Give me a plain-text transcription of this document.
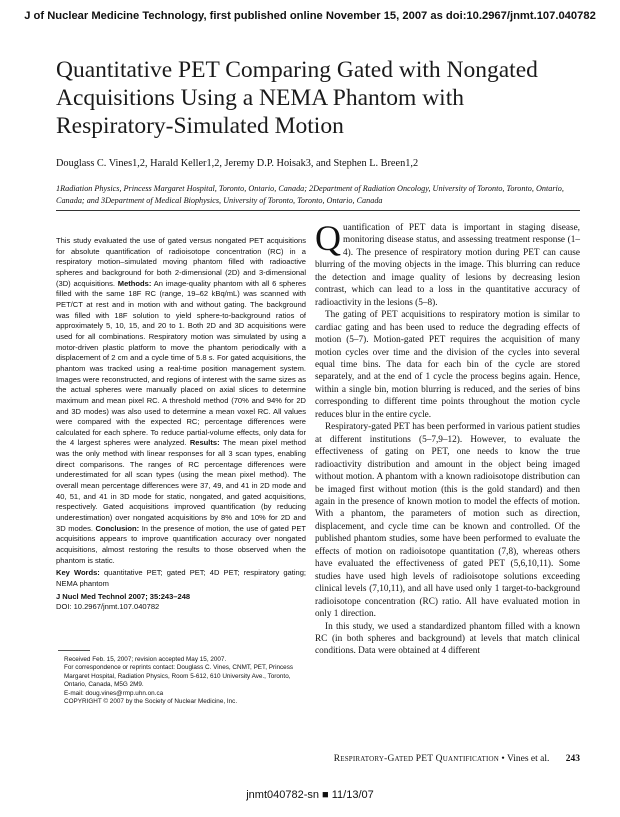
J of Nuclear Medicine Technology, first published online November 15, 2007 as doi:10.2967/jnmt.107.040782
Quantitative PET Comparing Gated with Nongated Acquisitions Using a NEMA Phantom with Respiratory-Simulated Motion
Douglass C. Vines1,2, Harald Keller1,2, Jeremy D.P. Hoisak3, and Stephen L. Breen1,2
1Radiation Physics, Princess Margaret Hospital, Toronto, Ontario, Canada; 2Department of Radiation Oncology, University of Toronto, Toronto, Ontario, Canada; and 3Department of Medical Biophysics, University of Toronto, Toronto, Ontario, Canada

This study evaluated the use of gated versus nongated PET acquisitions for absolute quantification of radioisotope concentration (RC) in a respiratory motion–simulated moving phantom filled with radioactive spheres and background for both 2-dimensional (2D) and 3-dimensional (3D) acquisitions. Methods: An image-quality phantom with all 6 spheres filled with the same 18F RC (range, 19–62 kBq/mL) was scanned with PET/CT at rest and in motion with and without gating. The background was filled with 18F solution to yield sphere-to-background ratios of approximately 5, 10, 15, and 20 to 1. Both 2D and 3D acquisitions were used for all combinations. Respiratory motion was simulated by using a motor-driven plastic platform to move the phantom periodically with a displacement of 2 cm and a cycle time of 5.8 s. For gated acquisitions, the phantom was tracked using a real-time position management system. Images were reconstructed, and regions of interest with the same sizes as the actual spheres were manually placed on axial slices to determine maximum and mean pixel RC. A threshold method (70% and 94% for 2D and 3D modes) was also used to determine a mean voxel RC. All values were compared with the expected RC; percentage differences were calculated for each sphere. To reduce partial-volume effects, only data for the 4 largest spheres were analyzed. Results: The mean pixel method was the only method with linear responses for all 3 scan types, enabling direct comparisons. The ranges of RC percentage differences were underestimated for all scan types (using the mean pixel method). The overall mean percentage differences were 37, 49, and 41 in 2D mode and 40, 51, and 41 in 3D mode for static, nongated, and gated acquisitions, respectively. Gated acquisitions improved quantification (by reducing underestimation) over nongated acquisitions by 8% and 10% for 2D and 3D modes. Conclusion: In the presence of motion, the use of gated PET acquisitions appears to improve quantification accuracy over nongated acquisitions, almost restoring the results to those observed when the phantom is static.

Key Words: quantitative PET; gated PET; 4D PET; respiratory gating; NEMA phantom

J Nucl Med Technol 2007; 35:243–248

DOI: 10.2967/jnmt.107.040782

Received Feb. 15, 2007; revision accepted May 15, 2007.

For correspondence or reprints contact: Douglass C. Vines, CNMT, PET, Princess Margaret Hospital, Radiation Physics, Room 5-612, 610 University Ave., Toronto, Ontario, Canada, M5G 2M9.

E-mail: doug.vines@rmp.uhn.on.ca

COPYRIGHT © 2007 by the Society of Nuclear Medicine, Inc.

Quantification of PET data is important in staging disease, monitoring disease status, and assessing treatment response (1–4). The presence of respiratory motion during PET can cause blurring of the moving objects in the image. This blurring can reduce the detection and image quality of lesions by decreasing lesion contrast, which can lead to a loss in the quantitative accuracy of radioactivity in the lesions (5–8).

The gating of PET acquisitions to respiratory motion is similar to cardiac gating and has been used to reduce the degrading effects of motion (5–7). Motion-gated PET requires the acquisition of many motion cycles over time and the division of the cycles into several equal time bins. The data for each bin of the cycle are stored separately, and at the end of 1 cycle the process begins again. Hence, within a single bin, motion blurring is reduced, and the series of bins corresponding to different time points throughout the motion cycle reduces blur in the entire cycle.

Respiratory-gated PET has been performed in various patient studies at different institutions (5–7,9–12). However, to evaluate the effectiveness of gating on PET, one needs to know the true radioactivity distribution and amount in the object being imaged without motion. A phantom with a known radioisotope distribution can be imaged first without motion (this is the gold standard) and then again in the presence of known motion to model the effects of motion. With a phantom, the parameters of motion such as direction, displacement, and cycle time can be known and controlled. Of the published phantom studies, some have been performed to evaluate the effects of motion on radioisotope quantitation (7,8), whereas others have evaluated the effectiveness of gated PET (5,6,10,11). Some studies have used high levels of radioisotope solutions exceeding clinical levels (7,10,11), and all have used only 1 target-to-background radioisotope concentration (RC) ratio. All have evaluated motion in only 1 direction.

In this study, we used a standardized phantom filled with a known RC (in both spheres and background) at levels that match clinical conditions. Data were obtained at 4 different

Respiratory-Gated PET Quantification • Vines et al. 243
jnmt040782-sn ■ 11/13/07
